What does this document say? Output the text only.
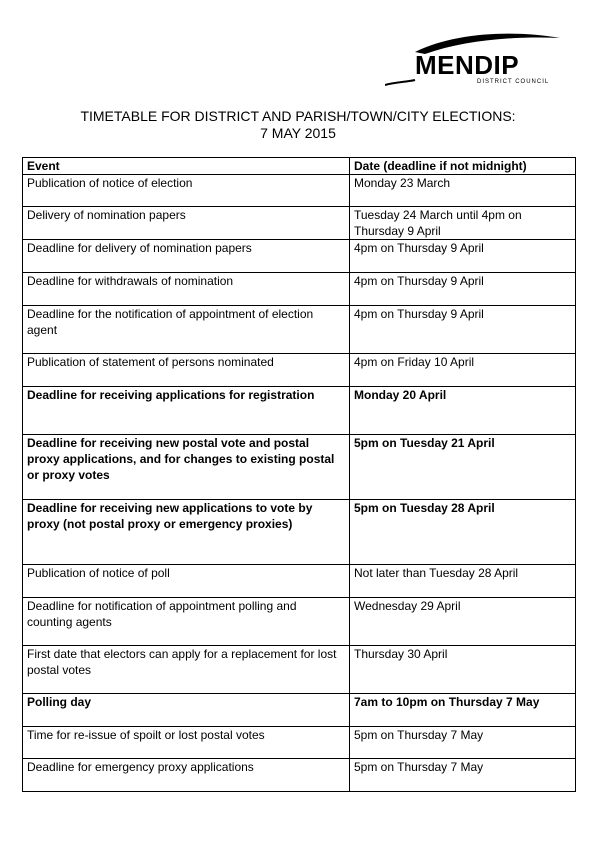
MENDIP
DISTRICT COUNCIL
TIMETABLE FOR DISTRICT AND PARISH/TOWN/CITY ELECTIONS:
7 MAY 2015
Event	Date (deadline if not midnight)
Publication of notice of election	Monday 23 March
Delivery of nomination papers	Tuesday 24 March until 4pm on Thursday 9 April
Deadline for delivery of nomination papers	4pm on Thursday 9 April
Deadline for withdrawals of nomination	4pm on Thursday 9 April
Deadline for the notification of appointment of election agent	4pm on Thursday 9 April
Publication of statement of persons nominated	4pm on Friday 10 April
Deadline for receiving applications for registration	Monday 20 April
Deadline for receiving new postal vote and postal proxy applications, and for changes to existing postal or proxy votes	5pm on Tuesday 21 April
Deadline for receiving new applications to vote by proxy (not postal proxy or emergency proxies)	5pm on Tuesday 28 April
Publication of notice of poll	Not later than Tuesday 28 April
Deadline for notification of appointment polling and counting agents	Wednesday 29 April
First date that electors can apply for a replacement for lost postal votes	Thursday 30 April
Polling day	7am to 10pm on Thursday 7 May
Time for re-issue of spoilt or lost postal votes	5pm on Thursday 7 May
Deadline for emergency proxy applications	5pm on Thursday 7 May
